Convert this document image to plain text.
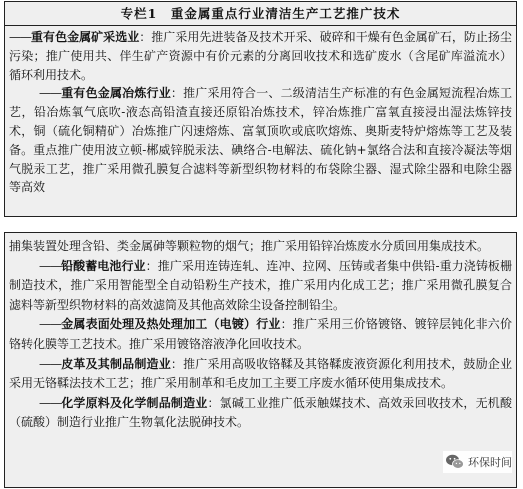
专栏1  重金属重点行业清洁生产工艺推广技术

——重有色金属矿采选业：推广采用先进装备及技术开采、破碎和干燥有色金属矿石，防止扬尘污染；推广使用共、伴生矿产资源中有价元素的分离回收技术和选矿废水（含尾矿库溢流水）循环利用技术。

——重有色金属冶炼行业：推广采用符合一、二级清洁生产标准的有色金属短流程冶炼工艺，铅冶炼氧气底吹-液态高铅渣直接还原铅冶炼技术，锌冶炼推广富氧直接浸出湿法炼锌技术，铜（硫化铜精矿）冶炼推广闪速熔炼、富氧顶吹或底吹熔炼、奥斯麦特炉熔炼等工艺及装备。重点推广使用波立顿-郴威锌脱汞法、碘络合-电解法、硫化钠+氯络合法和直接冷凝法等烟气脱汞工艺，推广采用微孔膜复合滤料等新型织物材料的布袋除尘器、湿式除尘器和电除尘器等高效

捕集装置处理含铅、类金属砷等颗粒物的烟气；推广采用铅锌冶炼废水分质回用集成技术。

——铅酸蓄电池行业：推广采用连铸连轧、连冲、拉网、压铸或者集中供铅-重力浇铸板栅制造技术，推广采用智能型全自动铅粉生产技术，推广采用内化成工艺；推广采用微孔膜复合滤料等新型织物材料的高效滤筒及其他高效除尘设备控制铅尘。

——金属表面处理及热处理加工（电镀）行业：推广采用三价铬镀铬、镀锌层钝化非六价铬转化膜等工艺技术。推广采用镀铬溶液净化回收技术。

——皮革及其制品制造业：推广采用高吸收铬鞣及其铬鞣废液资源化利用技术，鼓励企业采用无铬鞣法技术工艺；推广采用制革和毛皮加工主要工序废水循环使用集成技术。

——化学原料及化学制品制造业：氯碱工业推广低汞触媒技术、高效汞回收技术，无机酸（硫酸）制造行业推广生物氧化法脱砷技术。

环保时间
